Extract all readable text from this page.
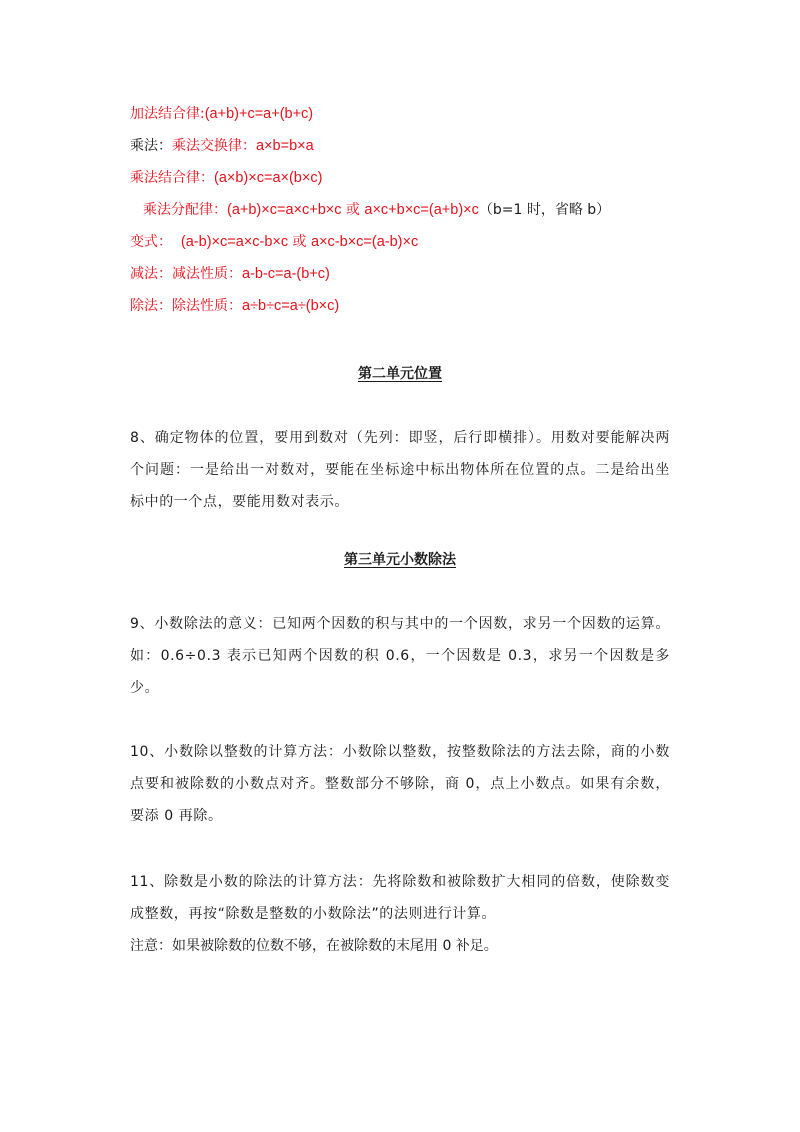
加法结合律:(a+b)+c=a+(b+c)
乘法：乘法交换律：a×b=b×a
乘法结合律：(a×b)×c=a×(b×c)
乘法分配律：(a+b)×c=a×c+b×c 或 a×c+b×c=(a+b)×c（b=1 时，省略 b）
变式： (a-b)×c=a×c-b×c 或 a×c-b×c=(a-b)×c
减法：减法性质：a-b-c=a-(b+c)
除法：除法性质：a÷b÷c=a÷(b×c)
第二单元位置
8、确定物体的位置，要用到数对（先列：即竖，后行即横排）。用数对要能解决两个问题：一是给出一对数对，要能在坐标途中标出物体所在位置的点。二是给出坐标中的一个点，要能用数对表示。
第三单元小数除法
9、小数除法的意义：已知两个因数的积与其中的一个因数，求另一个因数的运算。如：0.6÷0.3 表示已知两个因数的积 0.6，一个因数是 0.3，求另一个因数是多少。
10、小数除以整数的计算方法：小数除以整数，按整数除法的方法去除，商的小数点要和被除数的小数点对齐。整数部分不够除，商 0，点上小数点。如果有余数，要添 0 再除。
11、除数是小数的除法的计算方法：先将除数和被除数扩大相同的倍数，使除数变成整数，再按“除数是整数的小数除法”的法则进行计算。
注意：如果被除数的位数不够，在被除数的末尾用 0 补足。
